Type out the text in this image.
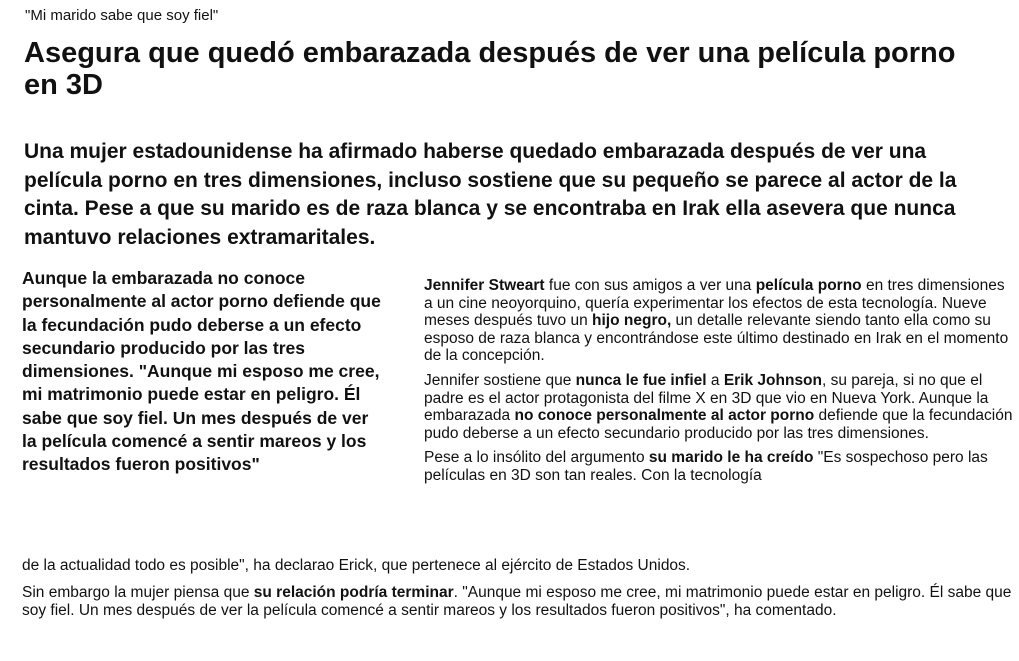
"Mi marido sabe que soy fiel"
Asegura que quedó embarazada después de ver una película porno en 3D

Una mujer estadounidense ha afirmado haberse quedado embarazada después de ver una película porno en tres dimensiones, incluso sostiene que su pequeño se parece al actor de la cinta. Pese a que su marido es de raza blanca y se encontraba en Irak ella asevera que nunca mantuvo relaciones extramaritales.

Aunque la embarazada no conoce personalmente al actor porno defiende que la fecundación pudo deberse a un efecto secundario producido por las tres dimensiones. "Aunque mi esposo me cree, mi matrimonio puede estar en peligro. Él sabe que soy fiel. Un mes después de ver la película comencé a sentir mareos y los resultados fueron positivos"

Jennifer Stweart fue con sus amigos a ver una película porno en tres dimensiones a un cine neoyorquino, quería experimentar los efectos de esta tecnología. Nueve meses después tuvo un hijo negro, un detalle relevante siendo tanto ella como su esposo de raza blanca y encontrándose este último destinado en Irak en el momento de la concepción.

Jennifer sostiene que nunca le fue infiel a Erik Johnson, su pareja, si no que el padre es el actor protagonista del filme X en 3D que vio en Nueva York. Aunque la embarazada no conoce personalmente al actor porno defiende que la fecundación pudo deberse a un efecto secundario producido por las tres dimensiones.

Pese a lo insólito del argumento su marido le ha creído "Es sospechoso pero las películas en 3D son tan reales. Con la tecnología

de la actualidad todo es posible", ha declarao Erick, que pertenece al ejército de Estados Unidos.

Sin embargo la mujer piensa que su relación podría terminar. "Aunque mi esposo me cree, mi matrimonio puede estar en peligro. Él sabe que soy fiel. Un mes después de ver la película comencé a sentir mareos y los resultados fueron positivos", ha comentado.
